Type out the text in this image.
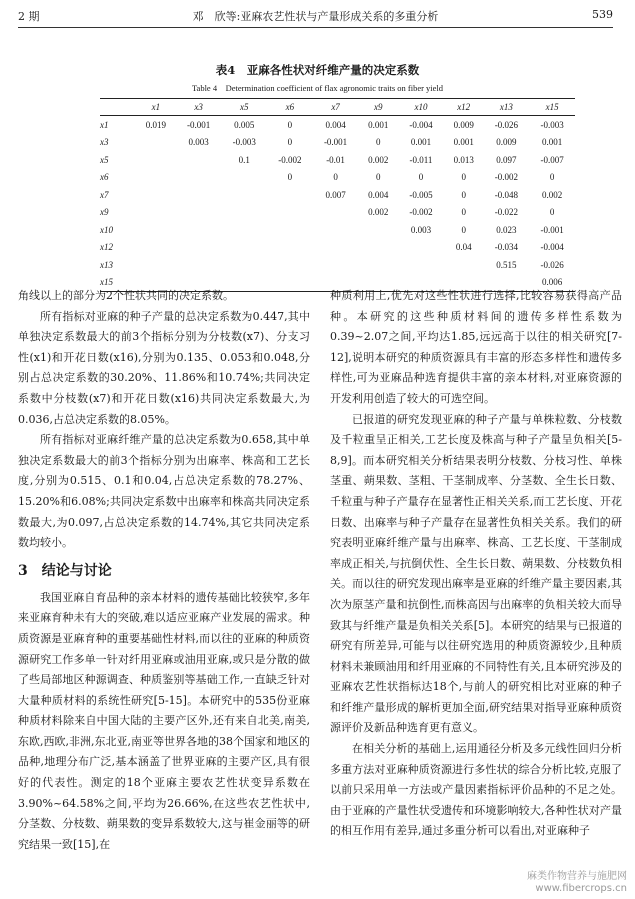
2 期	邓　欣等:亚麻农艺性状与产量形成关系的多重分析	539
表4　亚麻各性状对纤维产量的决定系数
Table 4　Determination coefficient of flax agronomic traits on fiber yield
	x1	x3	x5	x6	x7	x9	x10	x12	x13	x15
x1	0.019	-0.001	0.005	0	0.004	0.001	-0.004	0.009	-0.026	-0.003
x3		0.003	-0.003	0	-0.001	0	0.001	0.001	0.009	0.001
x5			0.1	-0.002	-0.01	0.002	-0.011	0.013	0.097	-0.007
x6				0	0	0	0	0	-0.002	0
x7					0.007	0.004	-0.005	0	-0.048	0.002
x9						0.002	-0.002	0	-0.022	0
x10							0.003	0	0.023	-0.001
x12								0.04	-0.034	-0.004
x13									0.515	-0.026
x15										0.006

角线以上的部分为2个性状共同的决定系数。

所有指标对亚麻的种子产量的总决定系数为0.447,其中单独决定系数最大的前3个指标分别为分枝数(x7)、分支习性(x1)和开花日数(x16),分别为0.135、0.053和0.048,分别占总决定系数的30.20%、11.86%和10.74%;共同决定系数中分枝数(x7)和开花日数(x16)共同决定系数最大,为0.036,占总决定系数的8.05%。

所有指标对亚麻纤维产量的总决定系数为0.658,其中单独决定系数最大的前3个指标分别为出麻率、株高和工艺长度,分别为0.515、0.1和0.04,占总决定系数的78.27%、15.20%和6.08%;共同决定系数中出麻率和株高共同决定系数最大,为0.097,占总决定系数的14.74%,其它共同决定系数均较小。

3　结论与讨论

我国亚麻自育品种的亲本材料的遗传基础比较狭窄,多年来亚麻育种未有大的突破,难以适应亚麻产业发展的需求。种质资源是亚麻育种的重要基础性材料,而以往的亚麻的种质资源研究工作多单一针对纤用亚麻或油用亚麻,或只是分散的做了些局部地区种源调查、种质鉴别等基础工作,一直缺乏针对大量种质材料的系统性研究[5-15]。本研究中的535份亚麻种质材料除来自中国大陆的主要产区外,还有来自北美,南美,东欧,西欧,非洲,东北亚,南亚等世界各地的38个国家和地区的品种,地理分布广泛,基本涵盖了世界亚麻的主要产区,具有很好的代表性。测定的18个亚麻主要农艺性状变异系数在3.90%~64.58%之间,平均为26.66%,在这些农艺性状中,分茎数、分枝数、蒴果数的变异系数较大,这与崔金丽等的研究结果一致[15],在

种质利用上,优先对这些性状进行选择,比较容易获得高产品种。本研究的这些种质材料间的遗传多样性系数为0.39~2.07之间,平均达1.85,远远高于以往的相关研究[7-12],说明本研究的种质资源具有丰富的形态多样性和遗传多样性,可为亚麻品种选育提供丰富的亲本材料,对亚麻资源的开发利用创造了较大的可选空间。

已报道的研究发现亚麻的种子产量与单株粒数、分枝数及千粒重呈正相关,工艺长度及株高与种子产量呈负相关[5-8,9]。而本研究相关分析结果表明分枝数、分枝习性、单株茎重、蒴果数、茎粗、干茎制成率、分茎数、全生长日数、千粒重与种子产量存在显著性正相关关系,而工艺长度、开花日数、出麻率与种子产量存在显著性负相关关系。我们的研究表明亚麻纤维产量与出麻率、株高、工艺长度、干茎制成率成正相关,与抗倒伏性、全生长日数、蒴果数、分枝数负相关。而以往的研究发现出麻率是亚麻的纤维产量主要因素,其次为原茎产量和抗倒性,而株高因与出麻率的负相关较大而导致其与纤维产量是负相关关系[5]。本研究的结果与已报道的研究有所差异,可能与以往研究选用的种质资源较少,且种质材料未兼顾油用和纤用亚麻的不同特性有关,且本研究涉及的亚麻农艺性状指标达18个,与前人的研究相比对亚麻的种子和纤维产量形成的解析更加全面,研究结果对指导亚麻种质资源评价及新品种选育更有意义。

在相关分析的基础上,运用通径分析及多元线性回归分析多重方法对亚麻种质资源进行多性状的综合分析比较,克服了以前只采用单一方法或产量因素指标评价品种的不足之处。由于亚麻的产量性状受遗传和环境影响较大,各种性状对产量的相互作用有差异,通过多重分析可以看出,对亚麻种子

麻类作物营养与施肥网
www.fibercrops.cn
